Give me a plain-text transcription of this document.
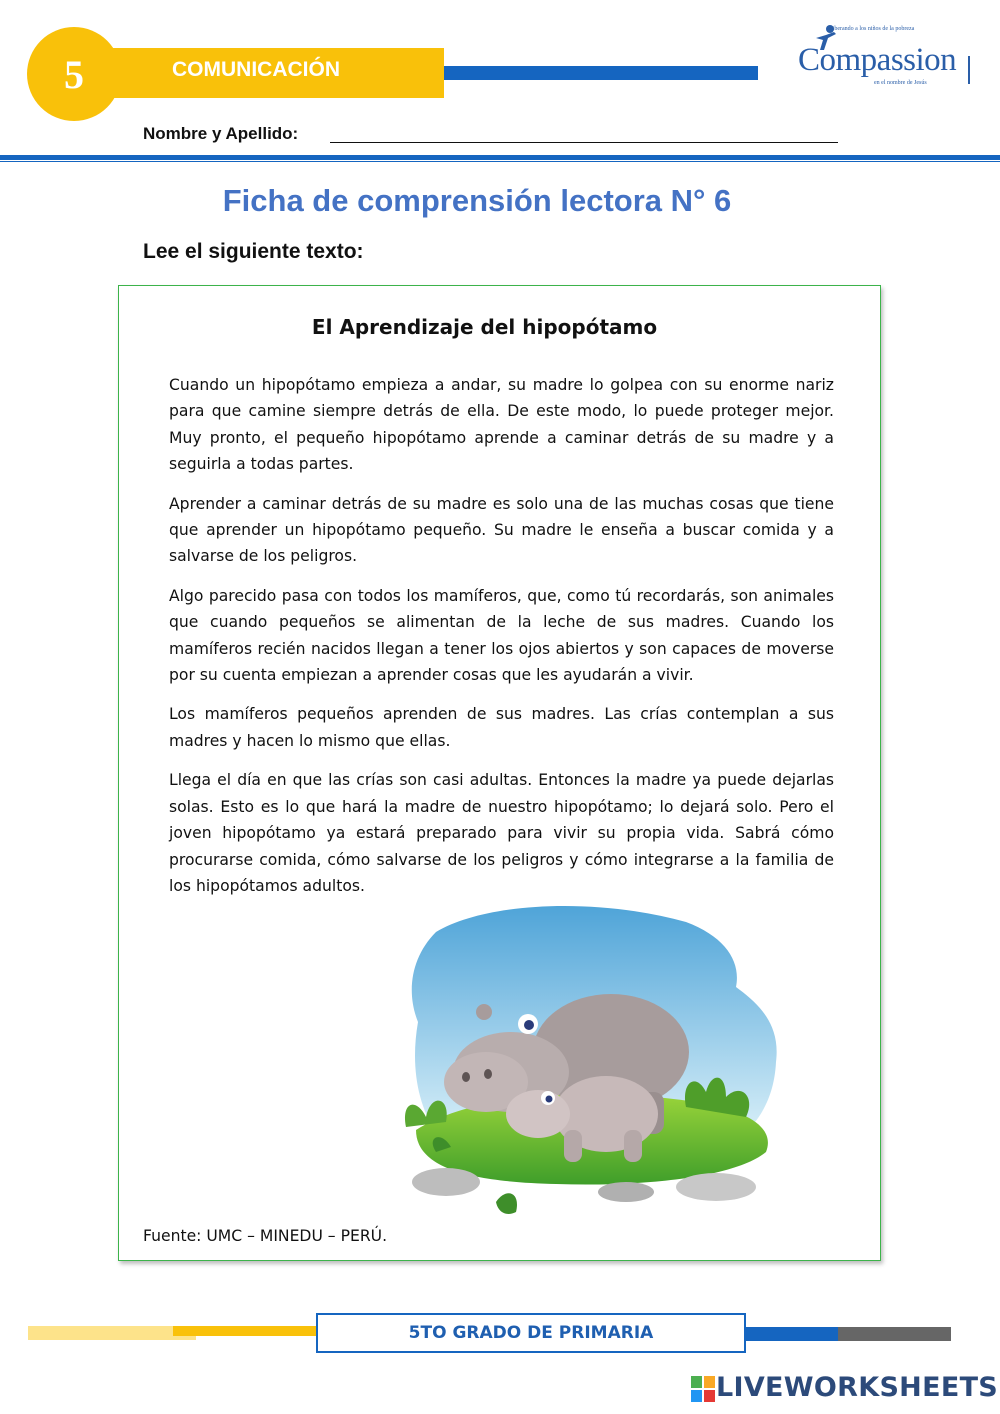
5	COMUNICACIÓN
Liberando a los niños de la pobreza
Compassion
en el nombre de Jesús
Nombre y Apellido:
Ficha de comprensión lectora N° 6
Lee el siguiente texto:
El Aprendizaje del hipopótamo

Cuando un hipopótamo empieza a andar, su madre lo golpea con su enorme nariz para que camine siempre detrás de ella. De este modo, lo puede proteger mejor. Muy pronto, el pequeño hipopótamo aprende a caminar detrás de su madre y a seguirla a todas partes.

Aprender a caminar detrás de su madre es solo una de las muchas cosas que tiene que aprender un hipopótamo pequeño. Su madre le enseña a buscar comida y a salvarse de los peligros.

Algo parecido pasa con todos los mamíferos, que, como tú recordarás, son animales que cuando pequeños se alimentan de la leche de sus madres. Cuando los mamíferos recién nacidos llegan a tener los ojos abiertos y son capaces de moverse por su cuenta empiezan a aprender cosas que les ayudarán a vivir.

Los mamíferos pequeños aprenden de sus madres. Las crías contemplan a sus madres y hacen lo mismo que ellas.

Llega el día en que las crías son casi adultas. Entonces la madre ya puede dejarlas solas. Esto es lo que hará la madre de nuestro hipopótamo; lo dejará solo. Pero el joven hipopótamo ya estará preparado para vivir su propia vida. Sabrá cómo procurarse comida, cómo salvarse de los peligros y cómo integrarse a la familia de los hipopótamos adultos.

Fuente: UMC – MINEDU – PERÚ.
5TO GRADO DE PRIMARIA
LIVEWORKSHEETS
